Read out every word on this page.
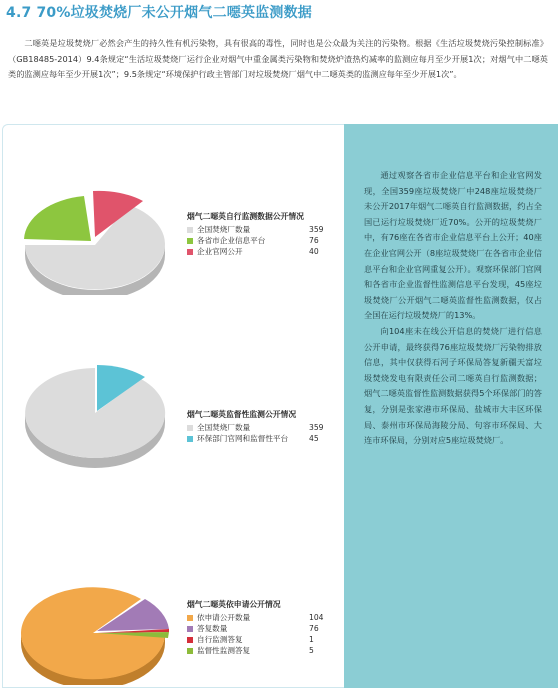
4.7 70%垃圾焚烧厂未公开烟气二噁英监测数据
二噁英是垃圾焚烧厂必然会产生的持久性有机污染物，具有很高的毒性，同时也是公众最为关注的污染物。根据《生活垃圾焚烧污染控制标准》（GB18485-2014）9.4条规定“生活垃圾焚烧厂运行企业对烟气中重金属类污染物和焚烧炉渣热灼减率的监测应每月至少开展1次；对烟气中二噁英类的监测应每年至少开展1次”；9.5条规定“环境保护行政主管部门对垃圾焚烧厂烟气中二噁英类的监测应每年至少开展1次”。
烟气二噁英自行监测数据公开情况
全国焚烧厂数量	359
各省市企业信息平台	76
企业官网公开	40
烟气二噁英监督性监测公开情况
全国焚烧厂数量	359
环保部门官网和监督性平台	45
烟气二噁英依申请公开情况
依申请公开数量	104
答复数量	76
自行监测答复	1
监督性监测答复	5

通过观察各省市企业信息平台和企业官网发现，全国359座垃圾焚烧厂中248座垃圾焚烧厂未公开2017年烟气二噁英自行监测数据，约占全国已运行垃圾焚烧厂近70%。公开的垃圾焚烧厂中，有76座在各省市企业信息平台上公开；40座在企业官网公开（8座垃圾焚烧厂在各省市企业信息平台和企业官网重复公开）。观察环保部门官网和各省市企业监督性监测信息平台发现，45座垃圾焚烧厂公开烟气二噁英监督性监测数据，仅占全国在运行垃圾焚烧厂的13%。

向104座未在线公开信息的焚烧厂进行信息公开申请，最终获得76座垃圾焚烧厂污染物排放信息，其中仅获得石河子环保局答复新疆天富垃圾焚烧发电有限责任公司二噁英自行监测数据；烟气二噁英监督性监测数据获得5个环保部门的答复，分别是张家港市环保局、盐城市大丰区环保局、泰州市环保局海陵分局、句容市环保局、大连市环保局，分别对应5座垃圾焚烧厂。
